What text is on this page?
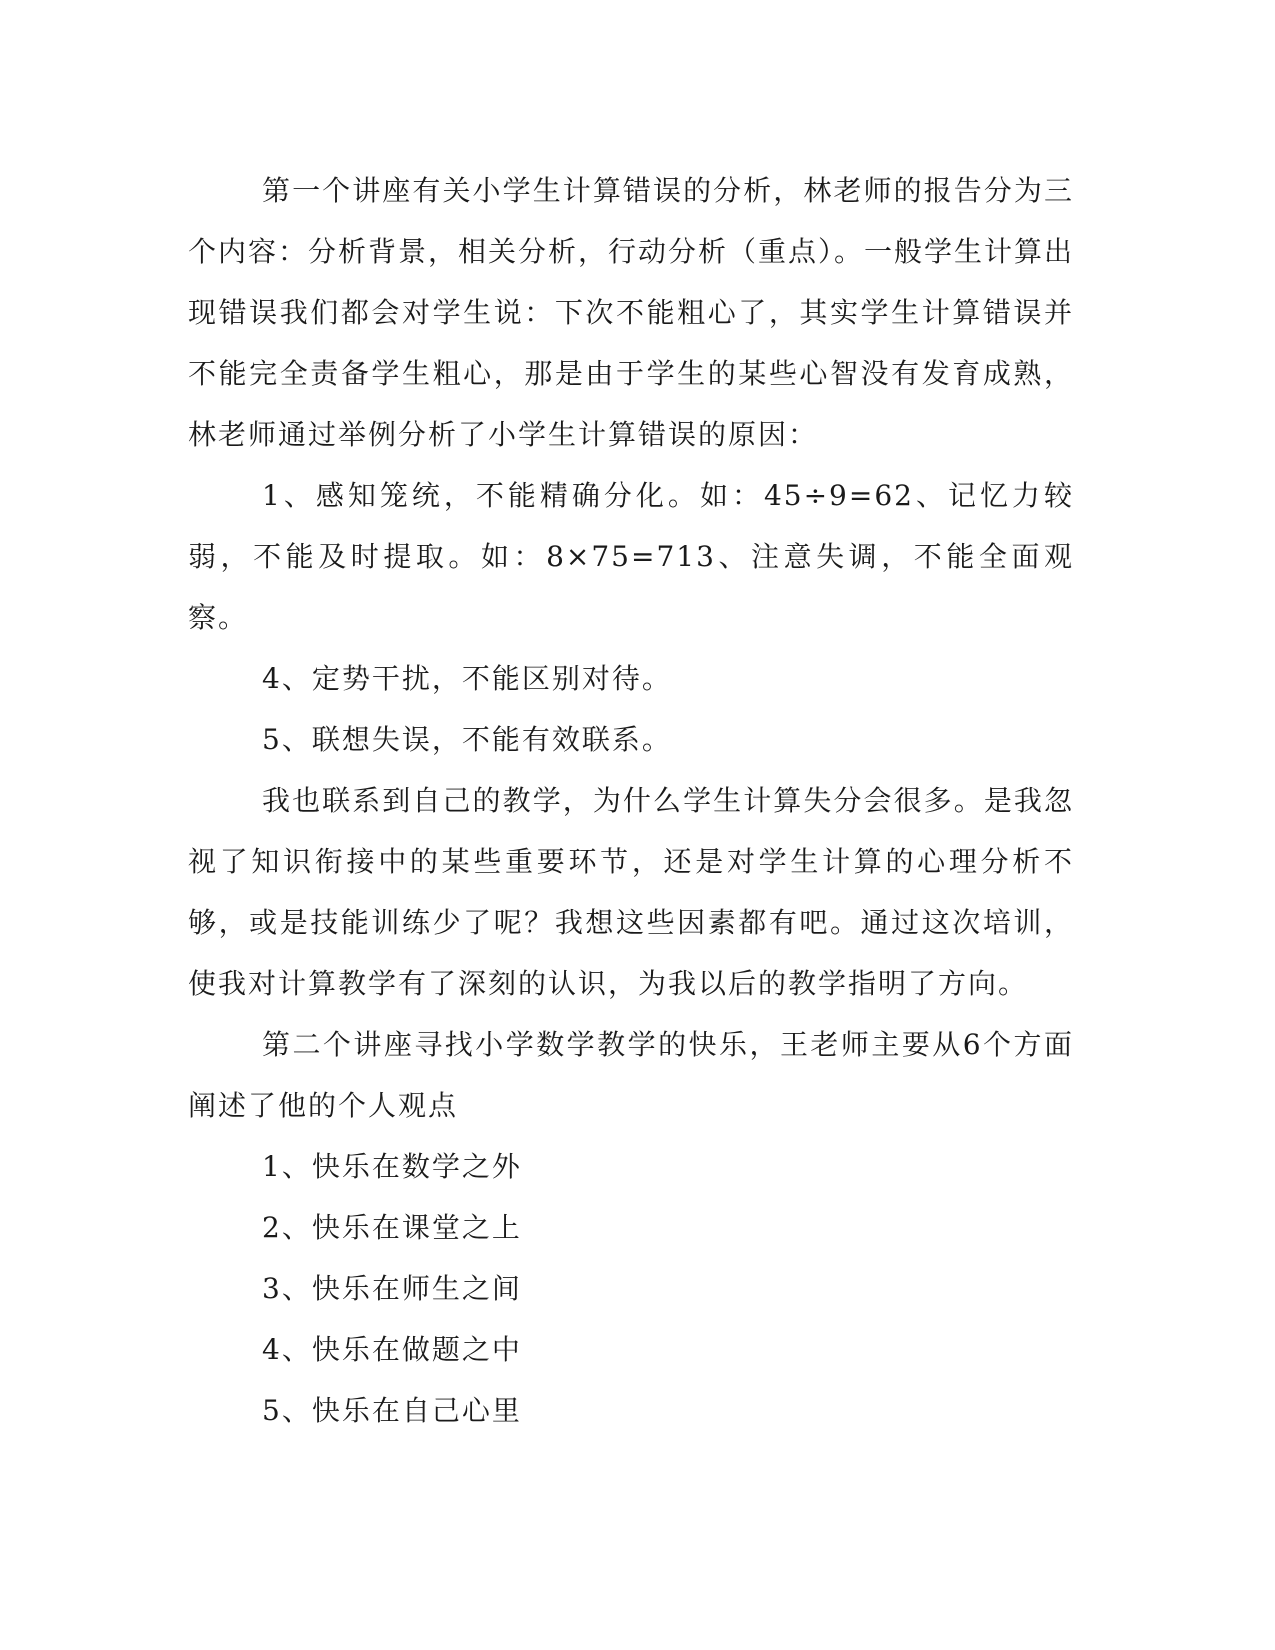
第一个讲座有关小学生计算错误的分析，林老师的报告分为三个内容：分析背景，相关分析，行动分析（重点）。一般学生计算出现错误我们都会对学生说：下次不能粗心了，其实学生计算错误并不能完全责备学生粗心，那是由于学生的某些心智没有发育成熟，林老师通过举例分析了小学生计算错误的原因：

1、感知笼统，不能精确分化。如：45÷9=62、记忆力较弱，不能及时提取。如：8×75=713、注意失调，不能全面观察。

4、定势干扰，不能区别对待。

5、联想失误，不能有效联系。

我也联系到自己的教学，为什么学生计算失分会很多。是我忽视了知识衔接中的某些重要环节，还是对学生计算的心理分析不够，或是技能训练少了呢？我想这些因素都有吧。通过这次培训，使我对计算教学有了深刻的认识，为我以后的教学指明了方向。

第二个讲座寻找小学数学教学的快乐，王老师主要从6个方面阐述了他的个人观点

1、快乐在数学之外

2、快乐在课堂之上

3、快乐在师生之间

4、快乐在做题之中

5、快乐在自己心里
